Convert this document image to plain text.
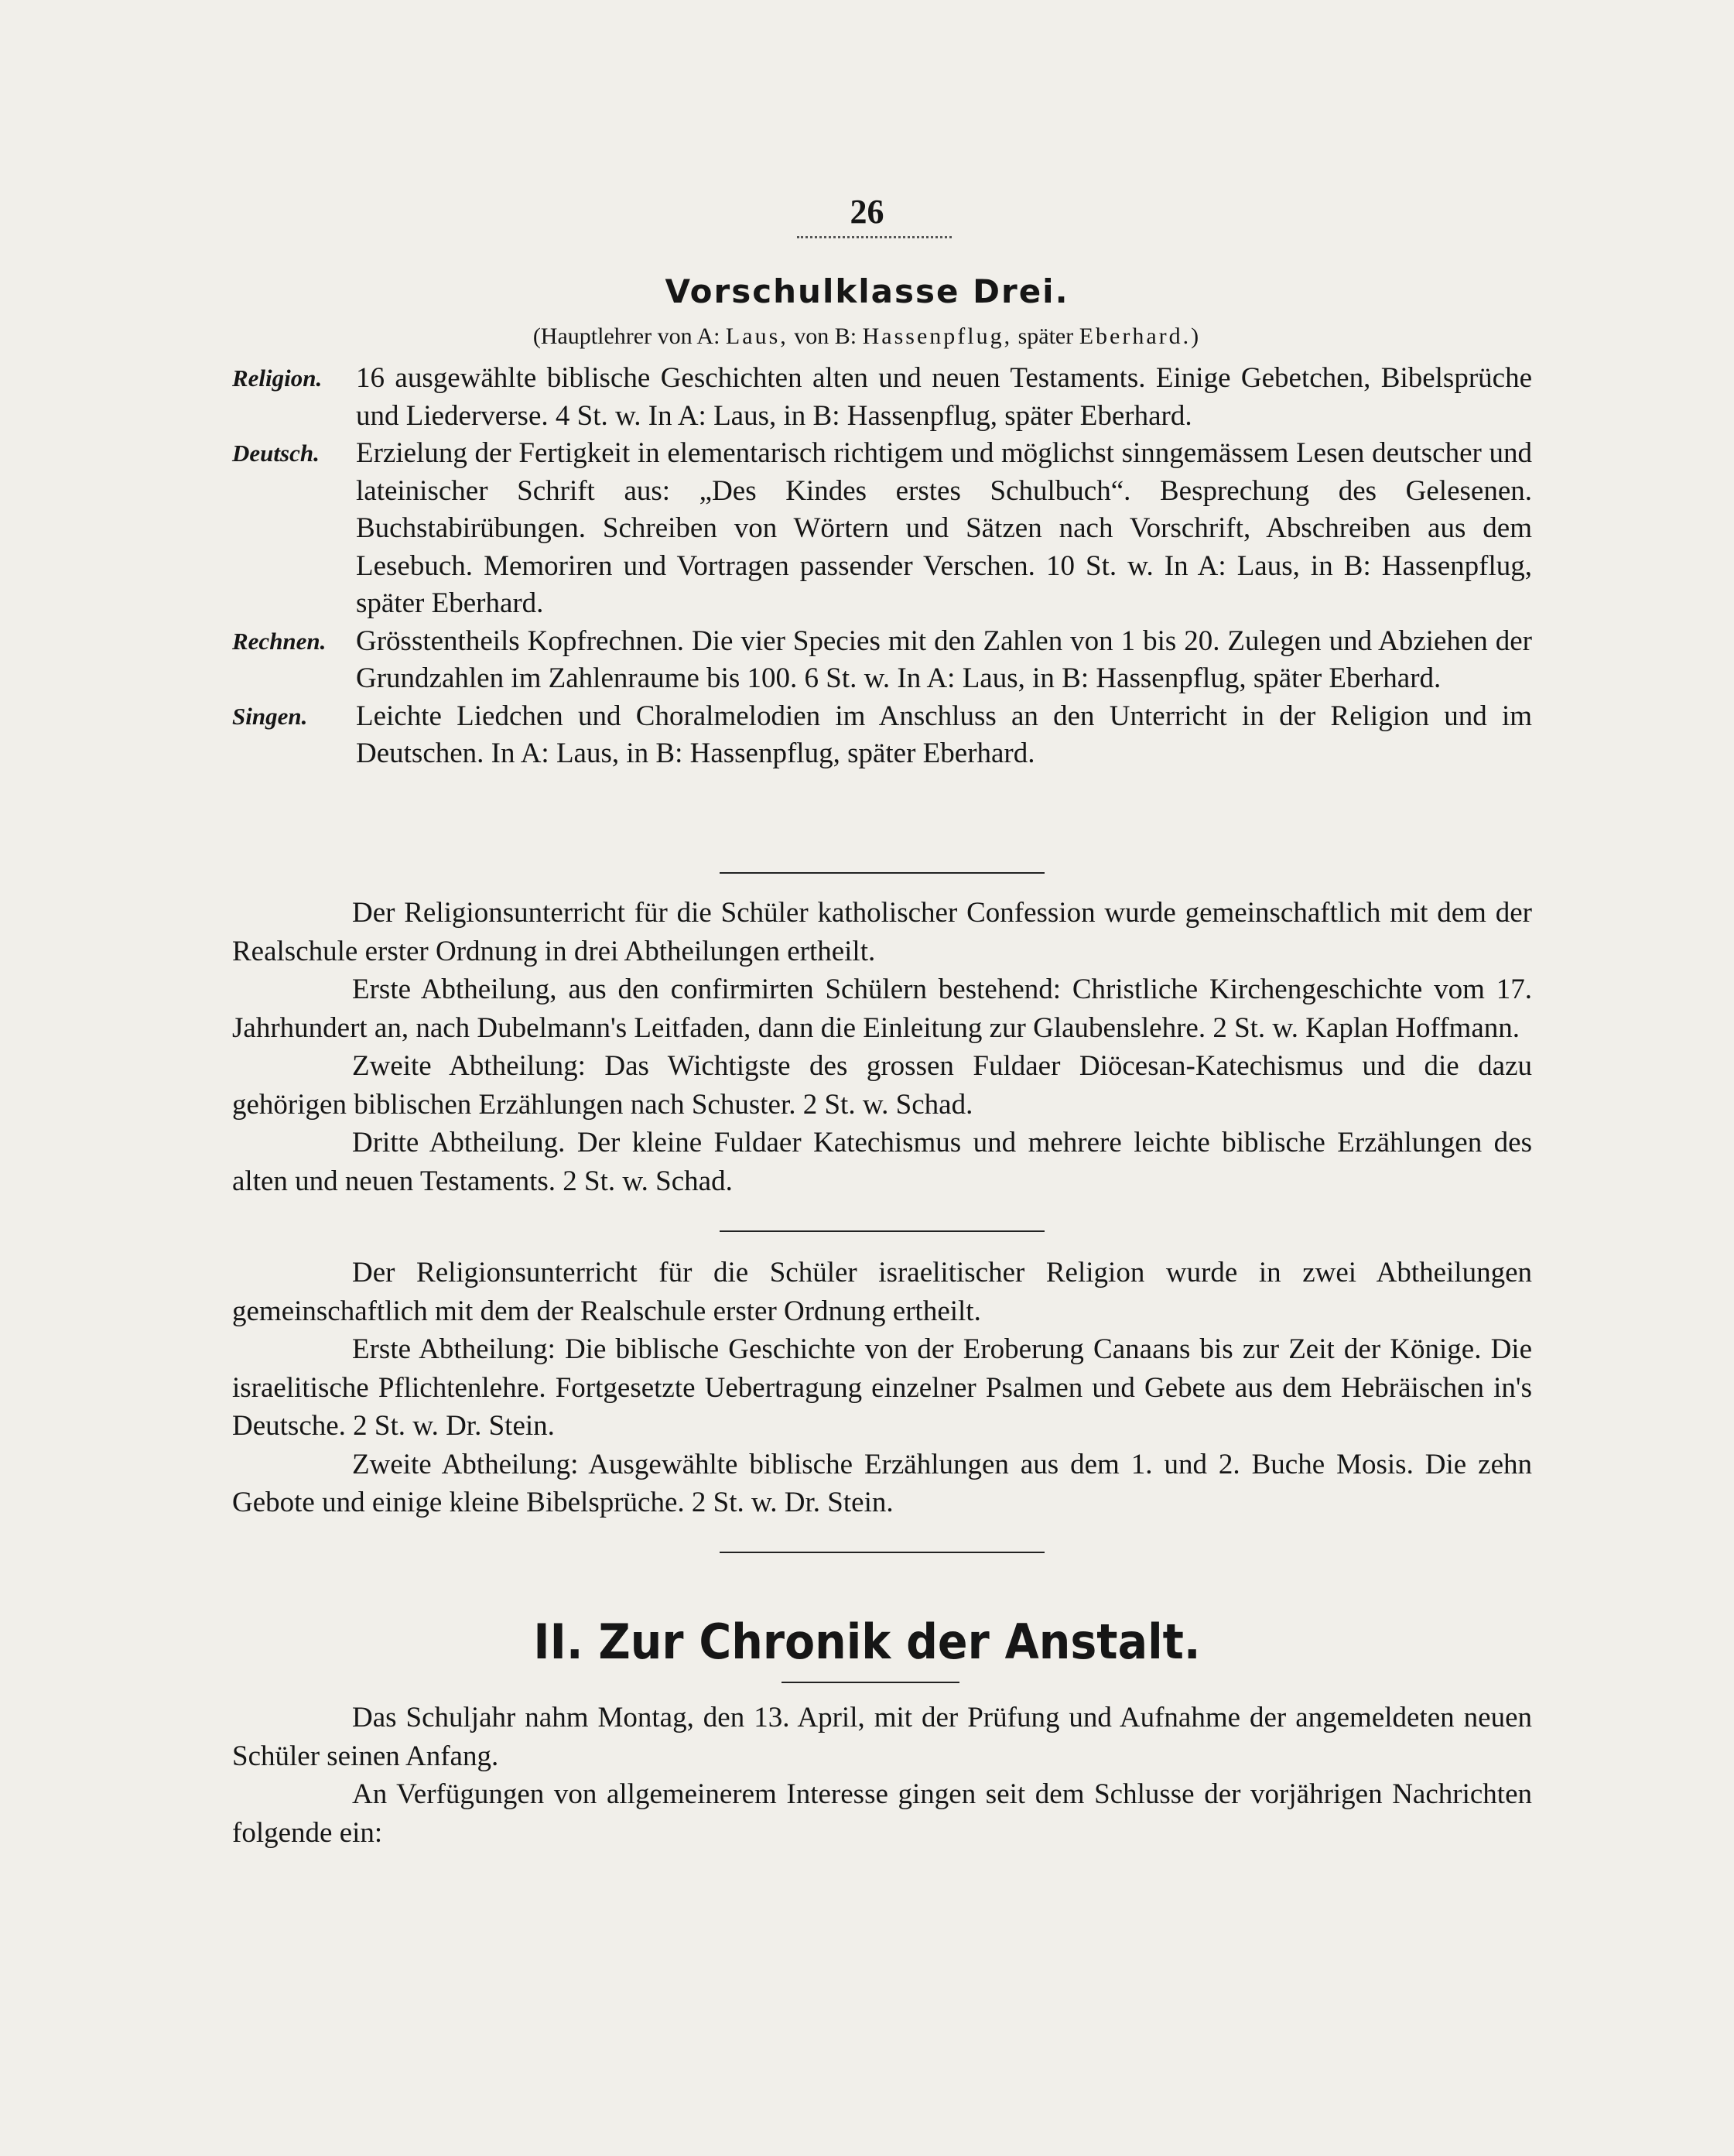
26
Vorschulklasse Drei.
(Hauptlehrer von A: Laus, von B: Hassenpflug, später Eberhard.)
Religion. 16 ausgewählte biblische Geschichten alten und neuen Testaments. Einige Gebetchen, Bibelsprüche und Liederverse. 4 St. w. In A: Laus, in B: Hassenpflug, später Eberhard.
Deutsch. Erzielung der Fertigkeit in elementarisch richtigem und möglichst sinngemässem Lesen deutscher und lateinischer Schrift aus: „Des Kindes erstes Schulbuch“. Besprechung des Gelesenen. Buchstabirübungen. Schreiben von Wörtern und Sätzen nach Vorschrift, Abschreiben aus dem Lesebuch. Memoriren und Vortragen passender Verschen. 10 St. w. In A: Laus, in B: Hassenpflug, später Eberhard.
Rechnen. Grösstentheils Kopfrechnen. Die vier Species mit den Zahlen von 1 bis 20. Zulegen und Abziehen der Grundzahlen im Zahlenraume bis 100. 6 St. w. In A: Laus, in B: Hassenpflug, später Eberhard.
Singen. Leichte Liedchen und Choralmelodien im Anschluss an den Unterricht in der Religion und im Deutschen. In A: Laus, in B: Hassenpflug, später Eberhard.

Der Religionsunterricht für die Schüler katholischer Confession wurde gemeinschaftlich mit dem der Realschule erster Ordnung in drei Abtheilungen ertheilt.

Erste Abtheilung, aus den confirmirten Schülern bestehend: Christliche Kirchengeschichte vom 17. Jahrhundert an, nach Dubelmann's Leitfaden, dann die Einleitung zur Glaubenslehre. 2 St. w. Kaplan Hoffmann.

Zweite Abtheilung: Das Wichtigste des grossen Fuldaer Diöcesan-Katechismus und die dazu gehörigen biblischen Erzählungen nach Schuster. 2 St. w. Schad.

Dritte Abtheilung. Der kleine Fuldaer Katechismus und mehrere leichte biblische Erzählungen des alten und neuen Testaments. 2 St. w. Schad.

Der Religionsunterricht für die Schüler israelitischer Religion wurde in zwei Abtheilungen gemeinschaftlich mit dem der Realschule erster Ordnung ertheilt.

Erste Abtheilung: Die biblische Geschichte von der Eroberung Canaans bis zur Zeit der Könige. Die israelitische Pflichtenlehre. Fortgesetzte Uebertragung einzelner Psalmen und Gebete aus dem Hebräischen in's Deutsche. 2 St. w. Dr. Stein.

Zweite Abtheilung: Ausgewählte biblische Erzählungen aus dem 1. und 2. Buche Mosis. Die zehn Gebote und einige kleine Bibelsprüche. 2 St. w. Dr. Stein.

II. Zur Chronik der Anstalt.

Das Schuljahr nahm Montag, den 13. April, mit der Prüfung und Aufnahme der angemeldeten neuen Schüler seinen Anfang.

An Verfügungen von allgemeinerem Interesse gingen seit dem Schlusse der vorjährigen Nachrichten folgende ein:
